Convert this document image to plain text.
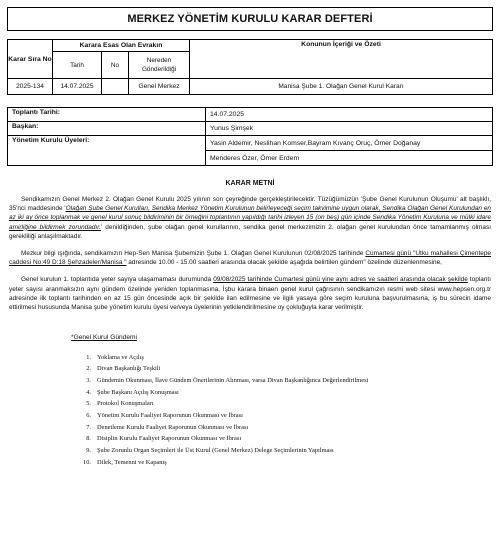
MERKEZ YÖNETİM KURULU KARAR DEFTERİ
Karar Sıra No	Karara Esas Olan Evrakın			Konunun İçeriği ve Özeti
	Tarih	No	Nereden Gönderildiği	
2025-134	14.07.2025		Genel Merkez	Manisa Şube 1. Olağan Genel Kurul Kararı
Toplantı Tarihi:	14.07.2025
Başkan:	Yunus Şimşek
Yönetim Kurulu Üyeleri:	Yasin Aldemir, Neslihan Komser,Bayram Kıvanç Oruç, Ömer Doğanay
	Menderes Özer, Ömer Erdem
KARAR METNİ

Sendikamızın Genel Merkez 2. Olağan Genel Kurulu 2025 yılının son çeyreğinde gerçekleştirilecektir. Tüzüğümüzün 'Şube Genel Kurulunun Oluşumu' alt başlıklı, 35'nci maddesinde 'Olağan Şube Genel Kurulları, Sendika Merkez Yönetim Kurulunun belirleyeceği seçim takvimine uygun olarak, Sendika Olağan Genel Kurulundan en az iki ay önce toplanmak ve genel kurul sonuç bildiriminin bir örneğini toplantının yapıldığı tarihi izleyen 15 (on beş) gün içinde Sendika Yönetim Kuruluna ve mülki idare amirliğine bildirmek zorundadır.' denildiğinden, şube olağan genel kurullarının, sendika genel merkezimizin 2. olağan genel kurulundan önce tamamlanmış olması gerekliliği anlaşılmaktadır.

Mezkur bilgi ışığında, sendikamızın Hep-Sen Manisa Şubemizin Şube 1. Olağan Genel Kurulunun 02/08/2025 tarihinde Cumartesi günü "Utku mahallesi Çimentepe caddesi No:49 D:18 Şehzadeler/Manisa " adresinde 10.00 - 15.00 saatleri arasında olacak şekilde aşağıda belirtilen gündem" özelinde düzenlenmesine,

Genel kurulun 1. toplantıda yeter sayıya ulaşamaması durumunda 09/08/2025 tarihinde Cumartesi günü yine aynı adres ve saatleri arasında olacak şekilde toplantı yeter sayısı aranmaksızın aynı gündem özelinde yeniden toplanmasına, İşbu karara binaen genel kurul çağrısının sendikamızın resmi web sitesi www.hepsen.org.tr adresinde ilk toplantı tarihinden en az 15 gün öncesinde açık bir şekilde ilan edilmesine ve ilgili yasaya göre seçim kuruluna başvurulmasına, iş bu sürecin idame ettirilmesi hususunda Manisa şube yönetim kurulu üyesi ve/veya üyelerinin yetkilendirilmesine oy çokluğuyla karar verilmiştir.

*Genel Kurul Gündemi
1. Yoklama ve Açılış
2. Divan Başkanlığı Teşkili
3. Gündemin Okunması, İlave Gündem Önerilerinin Alınması, varsa Divan Başkanlığınca Değerlendirilmesi
4. Şube Başkanı Açılış Konuşması
5. Protokol Konuşmaları
6. Yönetim Kurulu Faaliyet Raporunun Okunması ve İbrası
7. Denetleme Kurulu Faaliyet Raporunun Okunması ve İbrası
8. Disiplin Kurulu Faaliyet Raporunun Okunması ve İbrası
9. Şube Zorunlu Organ Seçimleri ile Üst Kurul (Genel Merkez) Delege Seçimlerinin Yapılması
10. Dilek, Temenni ve Kapanış
